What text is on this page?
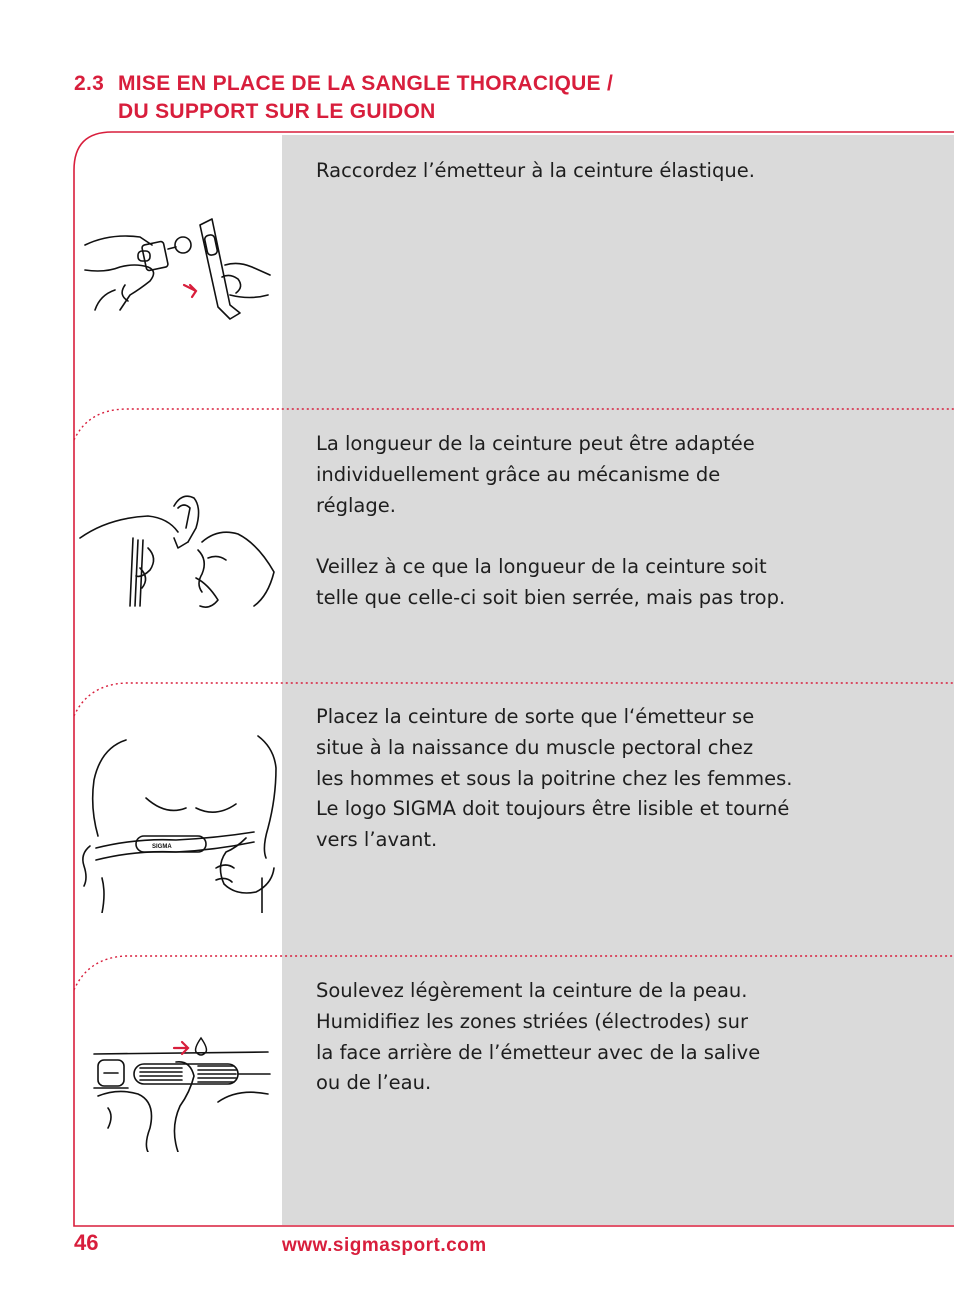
2.3 MISE EN PLACE DE LA SANGLE THORACIQUE /
DU SUPPORT SUR LE GUIDON

Raccordez l’émetteur à la ceinture élastique.

La longueur de la ceinture peut être adaptée
individuellement grâce au mécanisme de
réglage.

Veillez à ce que la longueur de la ceinture soit
telle que celle-ci soit bien serrée, mais pas trop.

Placez la ceinture de sorte que l‘émetteur se
situe à la naissance du muscle pectoral chez
les hommes et sous la poitrine chez les femmes.
Le logo SIGMA doit toujours être lisible et tourné
vers l’avant.

Soulevez légèrement la ceinture de la peau.
Humidifiez les zones striées (électrodes) sur
la face arrière de l’émetteur avec de la salive
ou de l’eau.

SIGMA
46	www.sigmasport.com
